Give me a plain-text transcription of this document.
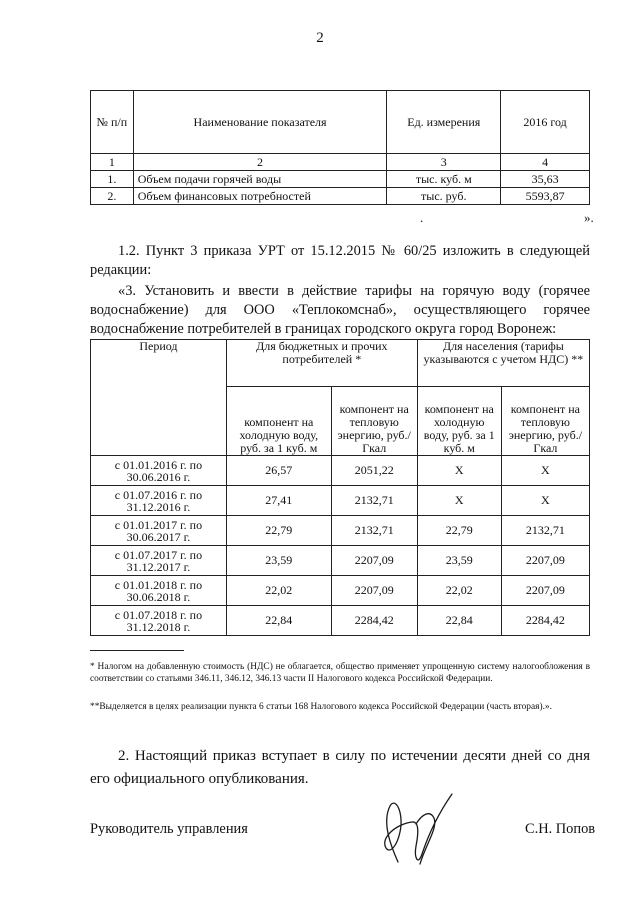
2
№ п/п	Наименование показателя	Ед. измерения	2016 год
1	2	3	4
1.	Объем подачи горячей воды	тыс. куб. м	35,63
2.	Объем финансовых потребностей	тыс. руб.	5593,87
.	».
1.2. Пункт 3 приказа УРТ от 15.12.2015 № 60/25 изложить в следующей редакции:
«3. Установить и ввести в действие тарифы на горячую воду (горячее водоснабжение) для ООО «Теплокомснаб», осуществляющего горячее водоснабжение потребителей в границах городского округа город Воронеж:
Период	Для бюджетных и прочих потребителей *		Для населения (тарифы указываются с учетом НДС) **	
	компонент на холодную воду, руб. за 1 куб. м	компонент на тепловую энергию, руб./Гкал	компонент на холодную воду, руб. за 1 куб. м	компонент на тепловую энергию, руб./Гкал
с 01.01.2016 г. по 30.06.2016 г.	26,57	2051,22	X	X
с 01.07.2016 г. по 31.12.2016 г.	27,41	2132,71	X	X
с 01.01.2017 г. по 30.06.2017 г.	22,79	2132,71	22,79	2132,71
с 01.07.2017 г. по 31.12.2017 г.	23,59	2207,09	23,59	2207,09
с 01.01.2018 г. по 30.06.2018 г.	22,02	2207,09	22,02	2207,09
с 01.07.2018 г. по 31.12.2018 г.	22,84	2284,42	22,84	2284,42
* Налогом на добавленную стоимость (НДС) не облагается, общество применяет упрощенную систему налогообложения в соответствии со статьями 346.11, 346.12, 346.13 части II Налогового кодекса Российской Федерации.
**Выделяется в целях реализации пункта 6 статьи 168 Налогового кодекса Российской Федерации (часть вторая).».
2. Настоящий приказ вступает в силу по истечении десяти дней со дня его официального опубликования.
Руководитель управления	С.Н. Попов
